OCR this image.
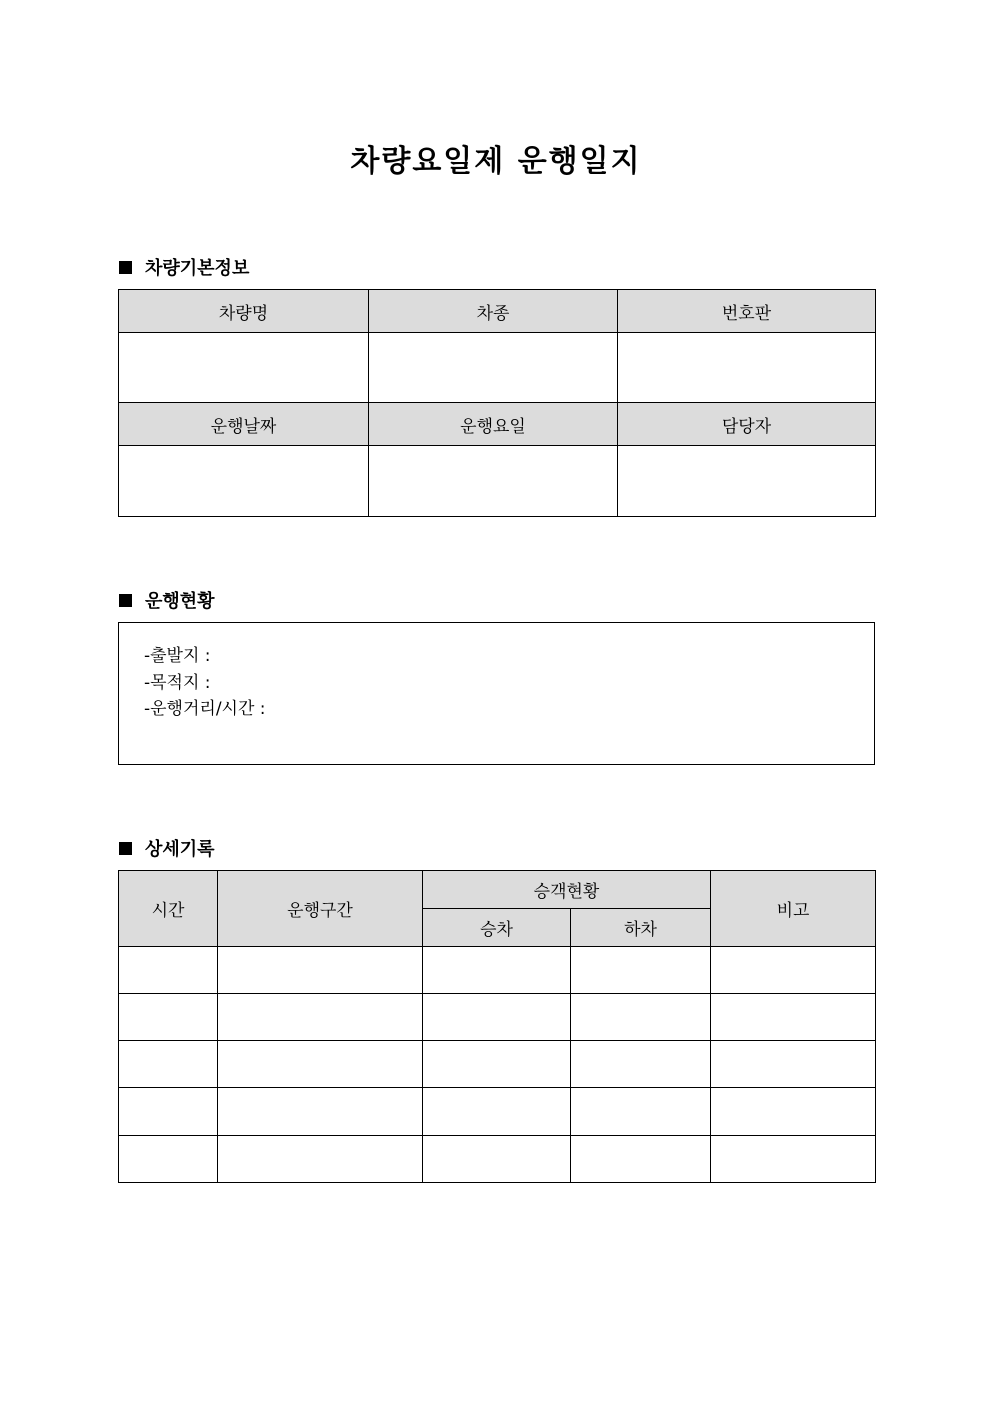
차량요일제 운행일지
차량기본정보
차량명	차종	번호판

운행날짜	운행요일	담당자

운행현황
-출발지 :
-목적지 :
-운행거리/시간 :
상세기록
시간	운행구간	승객현황		비고
		승차	하차	
